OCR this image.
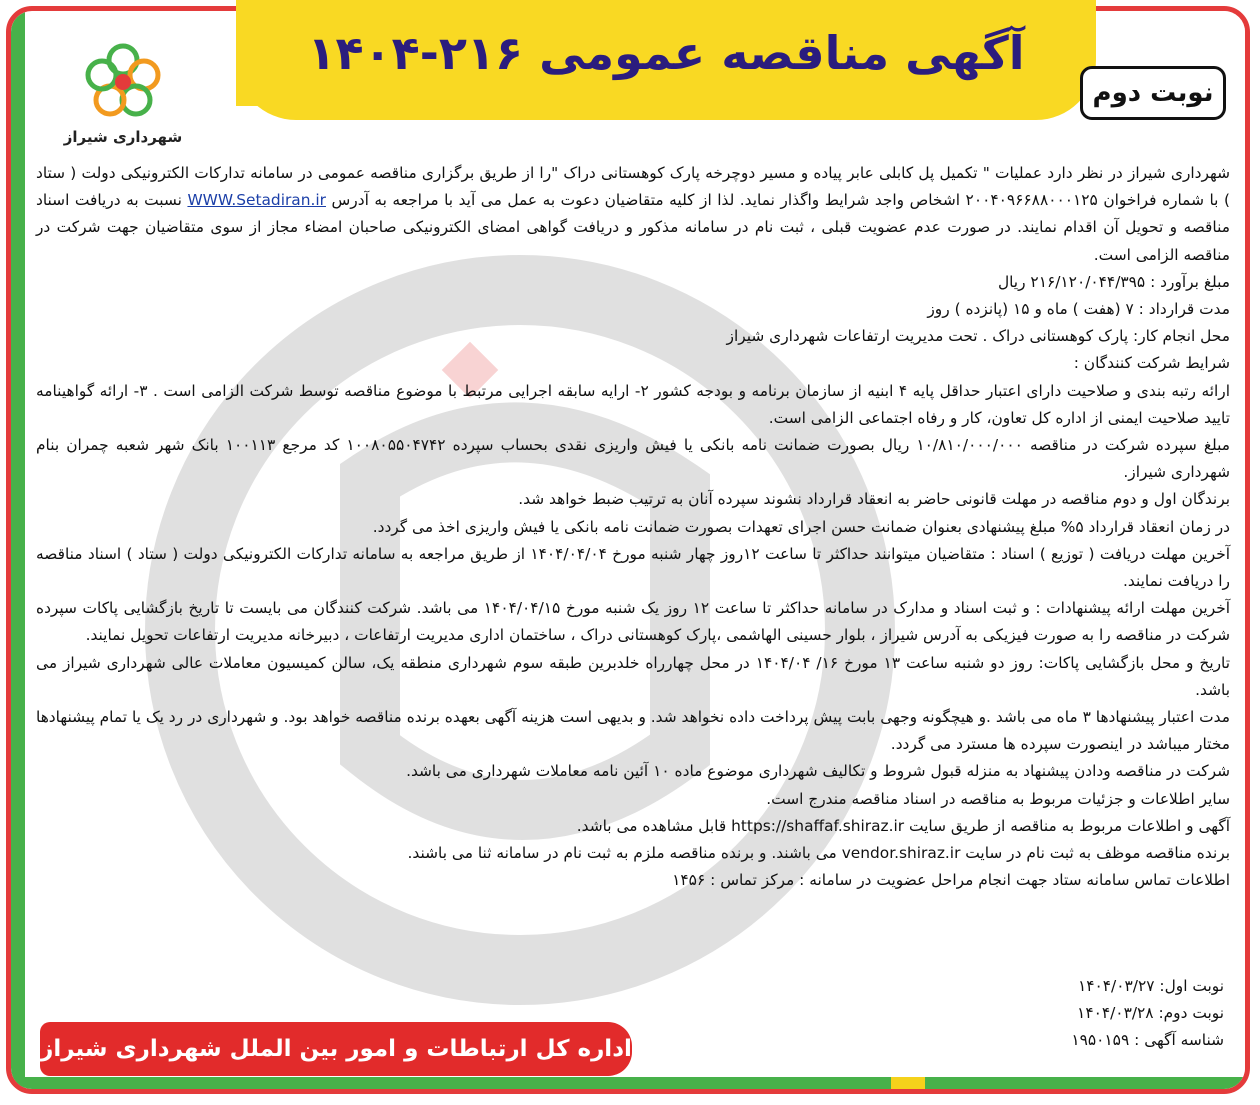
آگهی مناقصه عمومی ۲۱۶-۱۴۰۴
نوبت دوم
شهرداری شیراز

شهرداری شیراز در نظر دارد عملیات " تکمیل پل کابلی عابر پیاده و مسیر دوچرخه پارک کوهستانی دراک "را از طریق برگزاری مناقصه عمومی در سامانه تدارکات الکترونیکی دولت ( ستاد ) با شماره فراخوان ۲۰۰۴۰۹۶۶۸۸۰۰۰۱۲۵ اشخاص واجد شرایط واگذار نماید. لذا از کلیه متقاضیان دعوت به عمل می آید با مراجعه به آدرس WWW.Setadiran.ir نسبت به دریافت اسناد مناقصه و تحویل آن اقدام نمایند. در صورت عدم عضویت قبلی ، ثبت نام در سامانه مذکور و دریافت گواهی امضای الکترونیکی صاحبان امضاء مجاز از سوی متقاضیان جهت شرکت در مناقصه الزامی است.

مبلغ برآورد : ۲۱۶/۱۲۰/۰۴۴/۳۹۵ ریال

مدت قرارداد : ۷ (هفت ) ماه و ۱۵ (پانزده ) روز

محل انجام کار: پارک کوهستانی دراک . تحت مدیریت ارتفاعات شهرداری شیراز

شرایط شرکت کنندگان :

ارائه رتبه بندی و صلاحیت دارای اعتبار حداقل پایه ۴ ابنیه از سازمان برنامه و بودجه کشور ۲- ارایه سابقه اجرایی مرتبط با موضوع مناقصه توسط شرکت الزامی است . ۳- ارائه گواهینامه تایید صلاحیت ایمنی از اداره کل تعاون، کار و رفاه اجتماعی الزامی است.

مبلغ سپرده شرکت در مناقصه ۱۰/۸۱۰/۰۰۰/۰۰۰ ریال بصورت ضمانت نامه بانکی یا فیش واریزی نقدی بحساب سپرده ۱۰۰۸۰۵۵۰۴۷۴۲ کد مرجع ۱۰۰۱۱۳ بانک شهر شعبه چمران بنام شهرداری شیراز.

برندگان اول و دوم مناقصه در مهلت قانونی حاضر به انعقاد قرارداد نشوند سپرده آنان به ترتیب ضبط خواهد شد.

در زمان انعقاد قرارداد ۵% مبلغ پیشنهادی بعنوان ضمانت حسن اجرای تعهدات بصورت ضمانت نامه بانکی یا فیش واریزی اخذ می گردد.

آخرین مهلت دریافت ( توزیع ) اسناد : متقاضیان میتوانند حداکثر تا ساعت ۱۲روز چهار شنبه مورخ ۱۴۰۴/۰۴/۰۴ از طریق مراجعه به سامانه تدارکات الکترونیکی دولت ( ستاد ) اسناد مناقصه را دریافت نمایند.

آخرین مهلت ارائه پیشنهادات : و ثبت اسناد و مدارک در سامانه حداکثر تا ساعت ۱۲ روز یک شنبه مورخ ۱۴۰۴/۰۴/۱۵ می باشد. شرکت کنندگان می بایست تا تاریخ بازگشایی پاکات سپرده شرکت در مناقصه را به صورت فیزیکی به آدرس شیراز ، بلوار حسینی الهاشمی ،پارک کوهستانی دراک ، ساختمان اداری مدیریت ارتفاعات ، دبیرخانه مدیریت ارتفاعات تحویل نمایند.

تاریخ و محل بازگشایی پاکات: روز دو شنبه ساعت ۱۳ مورخ ۱۶/ ۱۴۰۴/۰۴ در محل چهارراه خلدبرین طبقه سوم شهرداری منطقه یک، سالن کمیسیون معاملات عالی شهرداری شیراز می باشد.

مدت اعتبار پیشنهادها ۳ ماه می باشد .و هیچگونه وجهی بابت پیش پرداخت داده نخواهد شد. و بدیهی است هزینه آگهی بعهده برنده مناقصه خواهد بود. و شهرداری در رد یک یا تمام پیشنهادها مختار میباشد در اینصورت سپرده ها مسترد می گردد.

شرکت در مناقصه ودادن پیشنهاد به منزله قبول شروط و تکالیف شهرداری موضوع ماده ۱۰ آئین نامه معاملات شهرداری می باشد.

سایر اطلاعات و جزئیات مربوط به مناقصه در اسناد مناقصه مندرج است.

آگهی و اطلاعات مربوط به مناقصه از طریق سایت https://shaffaf.shiraz.ir قابل مشاهده می باشد.

برنده مناقصه موظف به ثبت نام در سایت vendor.shiraz.ir می باشند. و برنده مناقصه ملزم به ثبت نام در سامانه ثنا می باشند.

اطلاعات تماس سامانه ستاد جهت انجام مراحل عضویت در سامانه : مرکز تماس : ۱۴۵۶

نوبت اول: ۱۴۰۴/۰۳/۲۷
نوبت دوم: ۱۴۰۴/۰۳/۲۸
شناسه آگهی : ۱۹۵۰۱۵۹
اداره کل ارتباطات و امور بین الملل شهرداری شیراز
